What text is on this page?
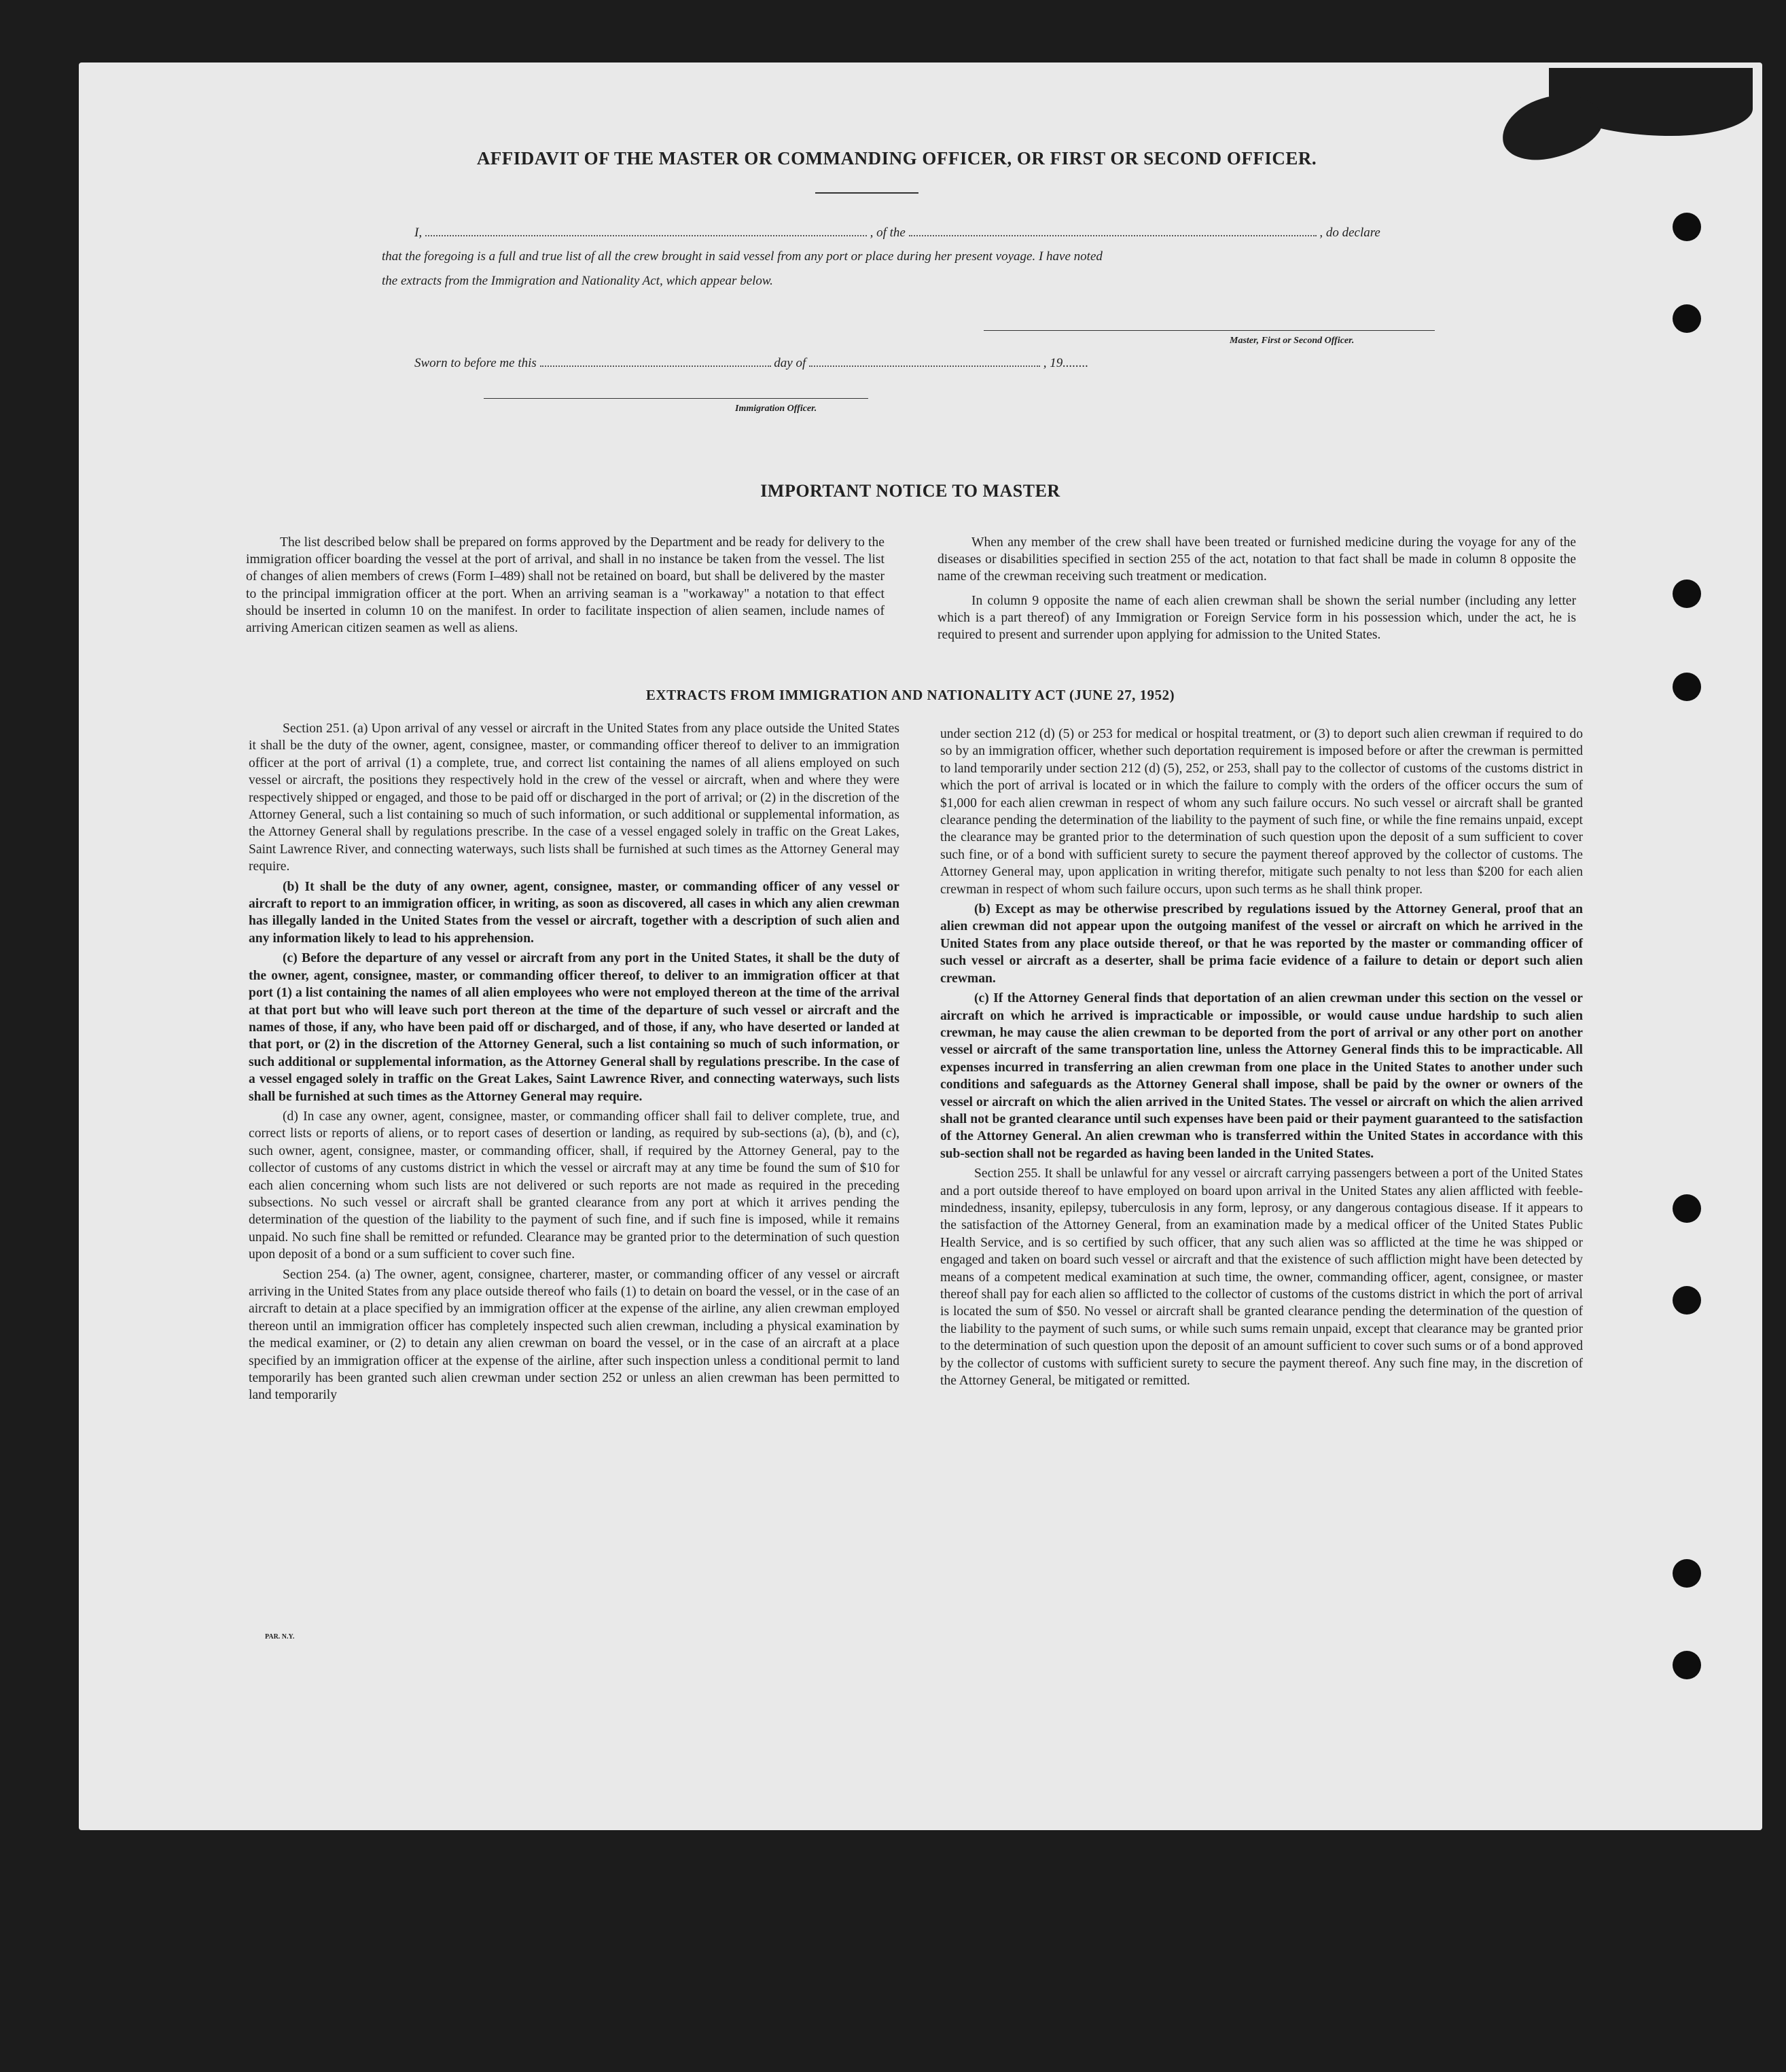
AFFIDAVIT OF THE MASTER OR COMMANDING OFFICER, OR FIRST OR SECOND OFFICER.
I,	, of the	, do declare
that the foregoing is a full and true list of all the crew brought in said vessel from any port or place during her present voyage. I have noted
the extracts from the Immigration and Nationality Act, which appear below.
Master, First or Second Officer.
Sworn to before me this	day of	, 19........
Immigration Officer.
IMPORTANT NOTICE TO MASTER

The list described below shall be prepared on forms approved by the Department and be ready for delivery to the immigration officer boarding the vessel at the port of arrival, and shall in no instance be taken from the vessel. The list of changes of alien members of crews (Form I–489) shall not be retained on board, but shall be delivered by the master to the principal immigration officer at the port. When an arriving seaman is a "workaway" a notation to that effect should be inserted in column 10 on the manifest. In order to facilitate inspection of alien seamen, include names of arriving American citizen seamen as well as aliens.

When any member of the crew shall have been treated or furnished medicine during the voyage for any of the diseases or disabilities specified in section 255 of the act, notation to that fact shall be made in column 8 opposite the name of the crewman receiving such treatment or medication.

In column 9 opposite the name of each alien crewman shall be shown the serial number (including any letter which is a part thereof) of any Immigration or Foreign Service form in his possession which, under the act, he is required to present and surrender upon applying for admission to the United States.

EXTRACTS FROM IMMIGRATION AND NATIONALITY ACT (JUNE 27, 1952)

Section 251. (a) Upon arrival of any vessel or aircraft in the United States from any place outside the United States it shall be the duty of the owner, agent, consignee, master, or commanding officer thereof to deliver to an immigration officer at the port of arrival (1) a complete, true, and correct list containing the names of all aliens employed on such vessel or aircraft, the positions they respectively hold in the crew of the vessel or aircraft, when and where they were respectively shipped or engaged, and those to be paid off or discharged in the port of arrival; or (2) in the discretion of the Attorney General, such a list containing so much of such information, or such additional or supplemental information, as the Attorney General shall by regulations prescribe. In the case of a vessel engaged solely in traffic on the Great Lakes, Saint Lawrence River, and connecting waterways, such lists shall be furnished at such times as the Attorney General may require.

(b) It shall be the duty of any owner, agent, consignee, master, or commanding officer of any vessel or aircraft to report to an immigration officer, in writing, as soon as discovered, all cases in which any alien crewman has illegally landed in the United States from the vessel or aircraft, together with a description of such alien and any information likely to lead to his apprehension.

(c) Before the departure of any vessel or aircraft from any port in the United States, it shall be the duty of the owner, agent, consignee, master, or commanding officer thereof, to deliver to an immigration officer at that port (1) a list containing the names of all alien employees who were not employed thereon at the time of the arrival at that port but who will leave such port thereon at the time of the departure of such vessel or aircraft and the names of those, if any, who have been paid off or discharged, and of those, if any, who have deserted or landed at that port, or (2) in the discretion of the Attorney General, such a list containing so much of such information, or such additional or supplemental information, as the Attorney General shall by regulations prescribe. In the case of a vessel engaged solely in traffic on the Great Lakes, Saint Lawrence River, and connecting waterways, such lists shall be furnished at such times as the Attorney General may require.

(d) In case any owner, agent, consignee, master, or commanding officer shall fail to deliver complete, true, and correct lists or reports of aliens, or to report cases of desertion or landing, as required by sub-sections (a), (b), and (c), such owner, agent, consignee, master, or commanding officer, shall, if required by the Attorney General, pay to the collector of customs of any customs district in which the vessel or aircraft may at any time be found the sum of $10 for each alien concerning whom such lists are not delivered or such reports are not made as required in the preceding subsections. No such vessel or aircraft shall be granted clearance from any port at which it arrives pending the determination of the question of the liability to the payment of such fine, and if such fine is imposed, while it remains unpaid. No such fine shall be remitted or refunded. Clearance may be granted prior to the determination of such question upon deposit of a bond or a sum sufficient to cover such fine.

Section 254. (a) The owner, agent, consignee, charterer, master, or commanding officer of any vessel or aircraft arriving in the United States from any place outside thereof who fails (1) to detain on board the vessel, or in the case of an aircraft to detain at a place specified by an immigration officer at the expense of the airline, any alien crewman employed thereon until an immigration officer has completely inspected such alien crewman, including a physical examination by the medical examiner, or (2) to detain any alien crewman on board the vessel, or in the case of an aircraft at a place specified by an immigration officer at the expense of the airline, after such inspection unless a conditional permit to land temporarily has been granted such alien crewman under section 252 or unless an alien crewman has been permitted to land temporarily

under section 212 (d) (5) or 253 for medical or hospital treatment, or (3) to deport such alien crewman if required to do so by an immigration officer, whether such deportation requirement is imposed before or after the crewman is permitted to land temporarily under section 212 (d) (5), 252, or 253, shall pay to the collector of customs of the customs district in which the port of arrival is located or in which the failure to comply with the orders of the officer occurs the sum of $1,000 for each alien crewman in respect of whom any such failure occurs. No such vessel or aircraft shall be granted clearance pending the determination of the liability to the payment of such fine, or while the fine remains unpaid, except the clearance may be granted prior to the determination of such question upon the deposit of a sum sufficient to cover such fine, or of a bond with sufficient surety to secure the payment thereof approved by the collector of customs. The Attorney General may, upon application in writing therefor, mitigate such penalty to not less than $200 for each alien crewman in respect of whom such failure occurs, upon such terms as he shall think proper.

(b) Except as may be otherwise prescribed by regulations issued by the Attorney General, proof that an alien crewman did not appear upon the outgoing manifest of the vessel or aircraft on which he arrived in the United States from any place outside thereof, or that he was reported by the master or commanding officer of such vessel or aircraft as a deserter, shall be prima facie evidence of a failure to detain or deport such alien crewman.

(c) If the Attorney General finds that deportation of an alien crewman under this section on the vessel or aircraft on which he arrived is impracticable or impossible, or would cause undue hardship to such alien crewman, he may cause the alien crewman to be deported from the port of arrival or any other port on another vessel or aircraft of the same transportation line, unless the Attorney General finds this to be impracticable. All expenses incurred in transferring an alien crewman from one place in the United States to another under such conditions and safeguards as the Attorney General shall impose, shall be paid by the owner or owners of the vessel or aircraft on which the alien arrived in the United States. The vessel or aircraft on which the alien arrived shall not be granted clearance until such expenses have been paid or their payment guaranteed to the satisfaction of the Attorney General. An alien crewman who is transferred within the United States in accordance with this sub-section shall not be regarded as having been landed in the United States.

Section 255. It shall be unlawful for any vessel or aircraft carrying passengers between a port of the United States and a port outside thereof to have employed on board upon arrival in the United States any alien afflicted with feeble-mindedness, insanity, epilepsy, tuberculosis in any form, leprosy, or any dangerous contagious disease. If it appears to the satisfaction of the Attorney General, from an examination made by a medical officer of the United States Public Health Service, and is so certified by such officer, that any such alien was so afflicted at the time he was shipped or engaged and taken on board such vessel or aircraft and that the existence of such affliction might have been detected by means of a competent medical examination at such time, the owner, commanding officer, agent, consignee, or master thereof shall pay for each alien so afflicted to the collector of customs of the customs district in which the port of arrival is located the sum of $50. No vessel or aircraft shall be granted clearance pending the determination of the question of the liability to the payment of such sums, or while such sums remain unpaid, except that clearance may be granted prior to the determination of such question upon the deposit of an amount sufficient to cover such sums or of a bond approved by the collector of customs with sufficient surety to secure the payment thereof. Any such fine may, in the discretion of the Attorney General, be mitigated or remitted.

PAR. N.Y.
